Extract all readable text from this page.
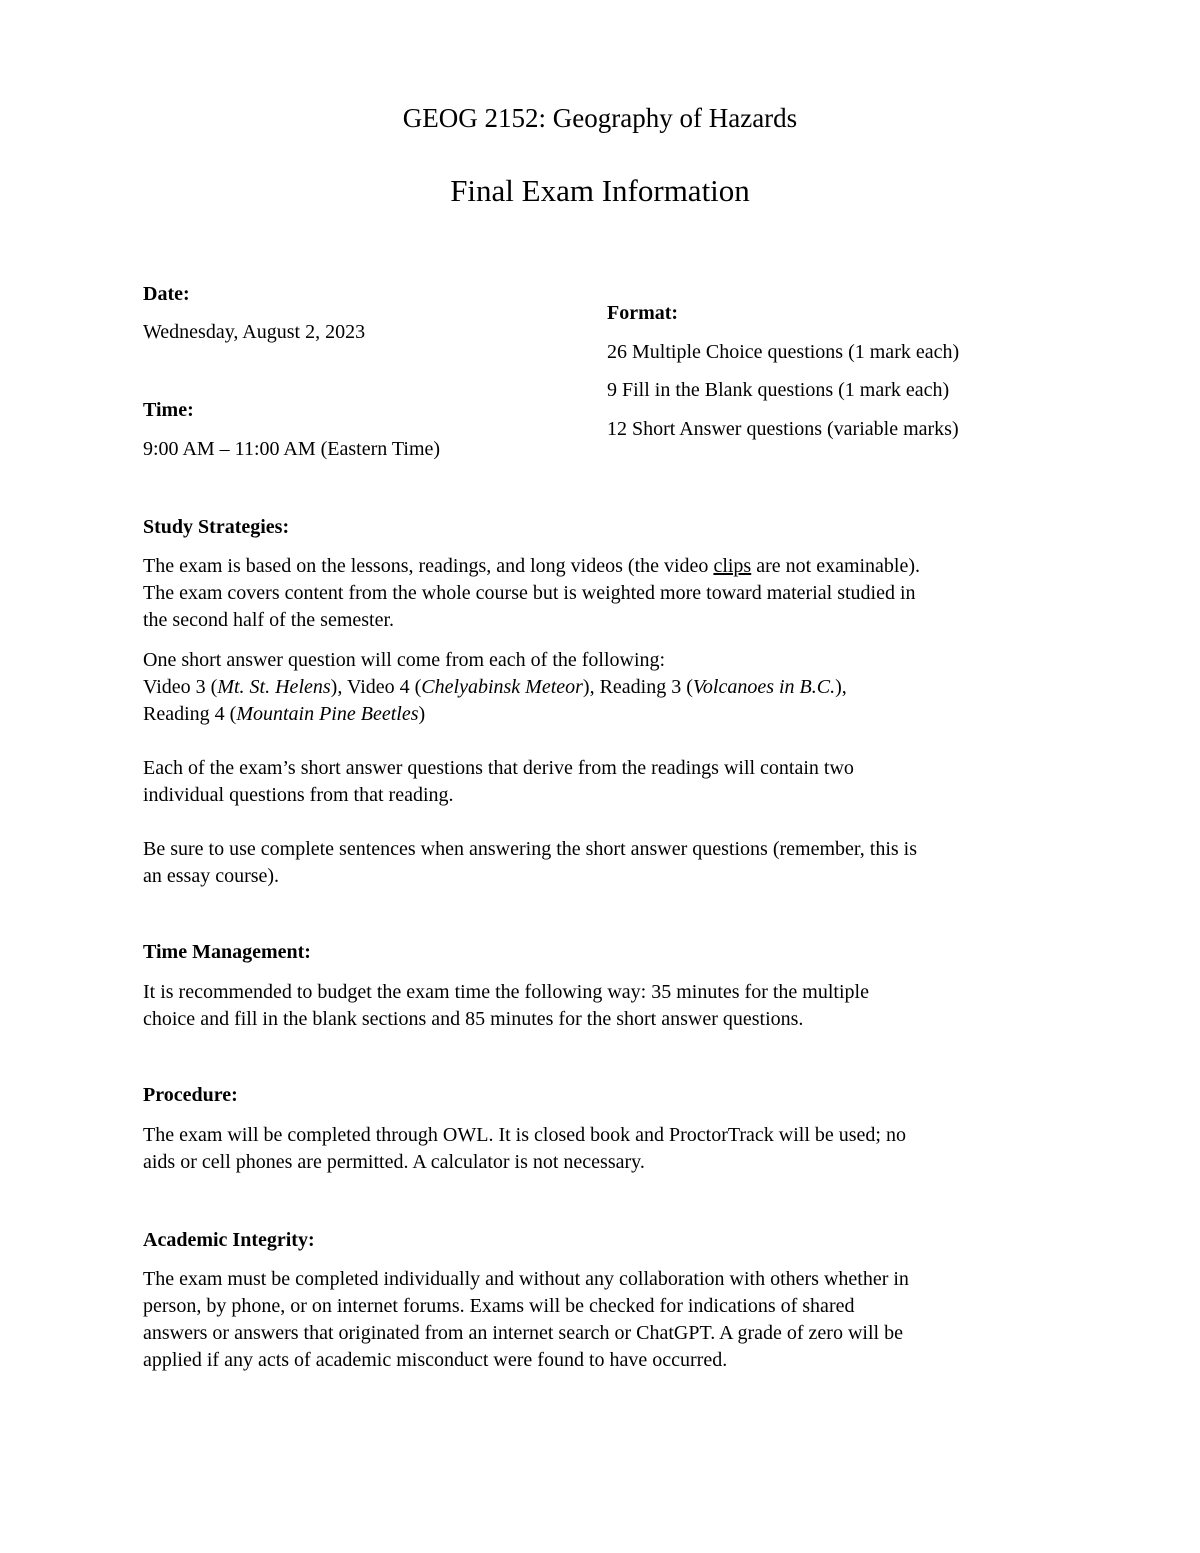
GEOG 2152: Geography of Hazards
Final Exam Information
Date:
Wednesday, August 2, 2023
Time:
9:00 AM – 11:00 AM (Eastern Time)
Format:
26 Multiple Choice questions (1 mark each)
9 Fill in the Blank questions (1 mark each)
12 Short Answer questions (variable marks)
Study Strategies:

The exam is based on the lessons, readings, and long videos (the video clips are not examinable).
The exam covers content from the whole course but is weighted more toward material studied in
the second half of the semester.

One short answer question will come from each of the following:
Video 3 (Mt. St. Helens), Video 4 (Chelyabinsk Meteor), Reading 3 (Volcanoes in B.C.),
Reading 4 (Mountain Pine Beetles)

Each of the exam’s short answer questions that derive from the readings will contain two
individual questions from that reading.

Be sure to use complete sentences when answering the short answer questions (remember, this is
an essay course).

Time Management:

It is recommended to budget the exam time the following way: 35 minutes for the multiple
choice and fill in the blank sections and 85 minutes for the short answer questions.

Procedure:

The exam will be completed through OWL. It is closed book and ProctorTrack will be used; no
aids or cell phones are permitted. A calculator is not necessary.

Academic Integrity:

The exam must be completed individually and without any collaboration with others whether in
person, by phone, or on internet forums. Exams will be checked for indications of shared
answers or answers that originated from an internet search or ChatGPT. A grade of zero will be
applied if any acts of academic misconduct were found to have occurred.
